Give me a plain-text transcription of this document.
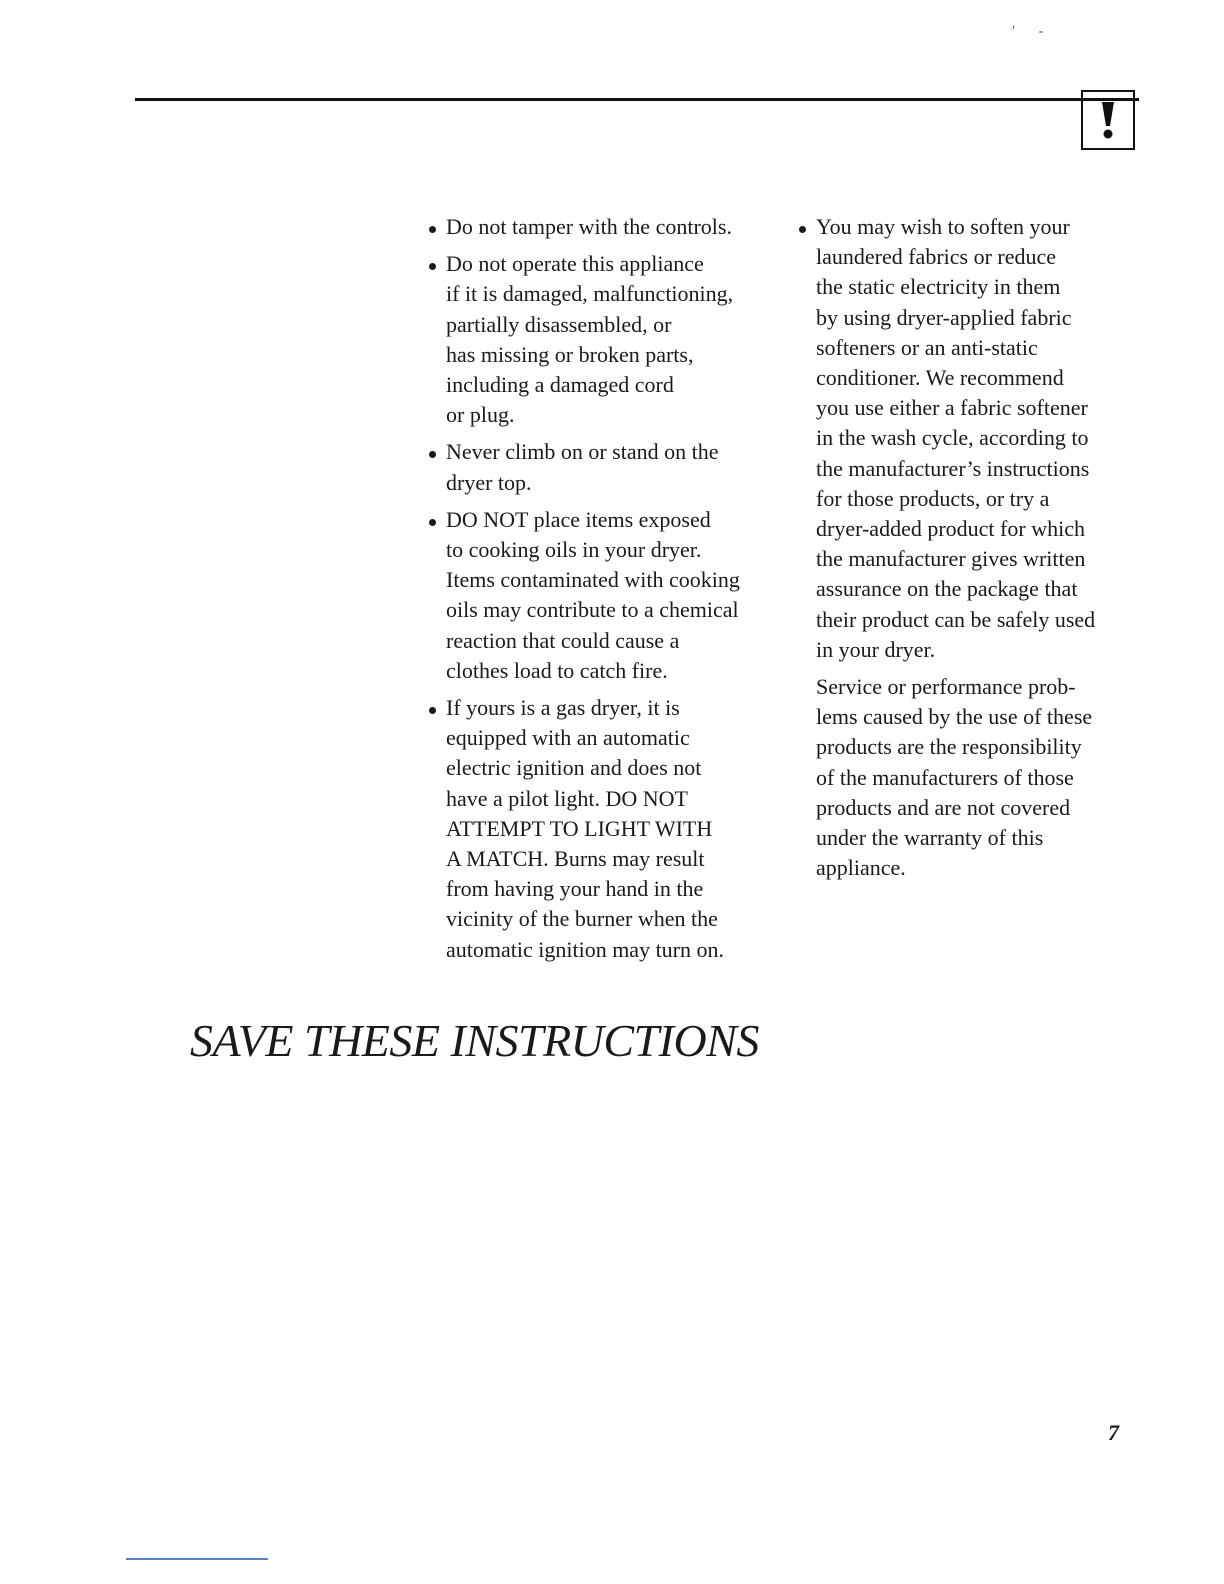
′ ‐
Do not tamper with the controls.
Do not operate this appliance
if it is damaged, malfunctioning,
partially disassembled, or
has missing or broken parts,
including a damaged cord
or plug.
Never climb on or stand on the
dryer top.
DO NOT place items exposed
to cooking oils in your dryer.
Items contaminated with cooking
oils may contribute to a chemical
reaction that could cause a
clothes load to catch fire.
If yours is a gas dryer, it is
equipped with an automatic
electric ignition and does not
have a pilot light. DO NOT
ATTEMPT TO LIGHT WITH
A MATCH. Burns may result
from having your hand in the
vicinity of the burner when the
automatic ignition may turn on.
You may wish to soften your
laundered fabrics or reduce
the static electricity in them
by using dryer-applied fabric
softeners or an anti-static
conditioner. We recommend
you use either a fabric softener
in the wash cycle, according to
the manufacturer’s instructions
for those products, or try a
dryer-added product for which
the manufacturer gives written
assurance on the package that
their product can be safely used
in your dryer.

Service or performance prob-
lems caused by the use of these
products are the responsibility
of the manufacturers of those
products and are not covered
under the warranty of this
appliance.

SAVE THESE INSTRUCTIONS
7
